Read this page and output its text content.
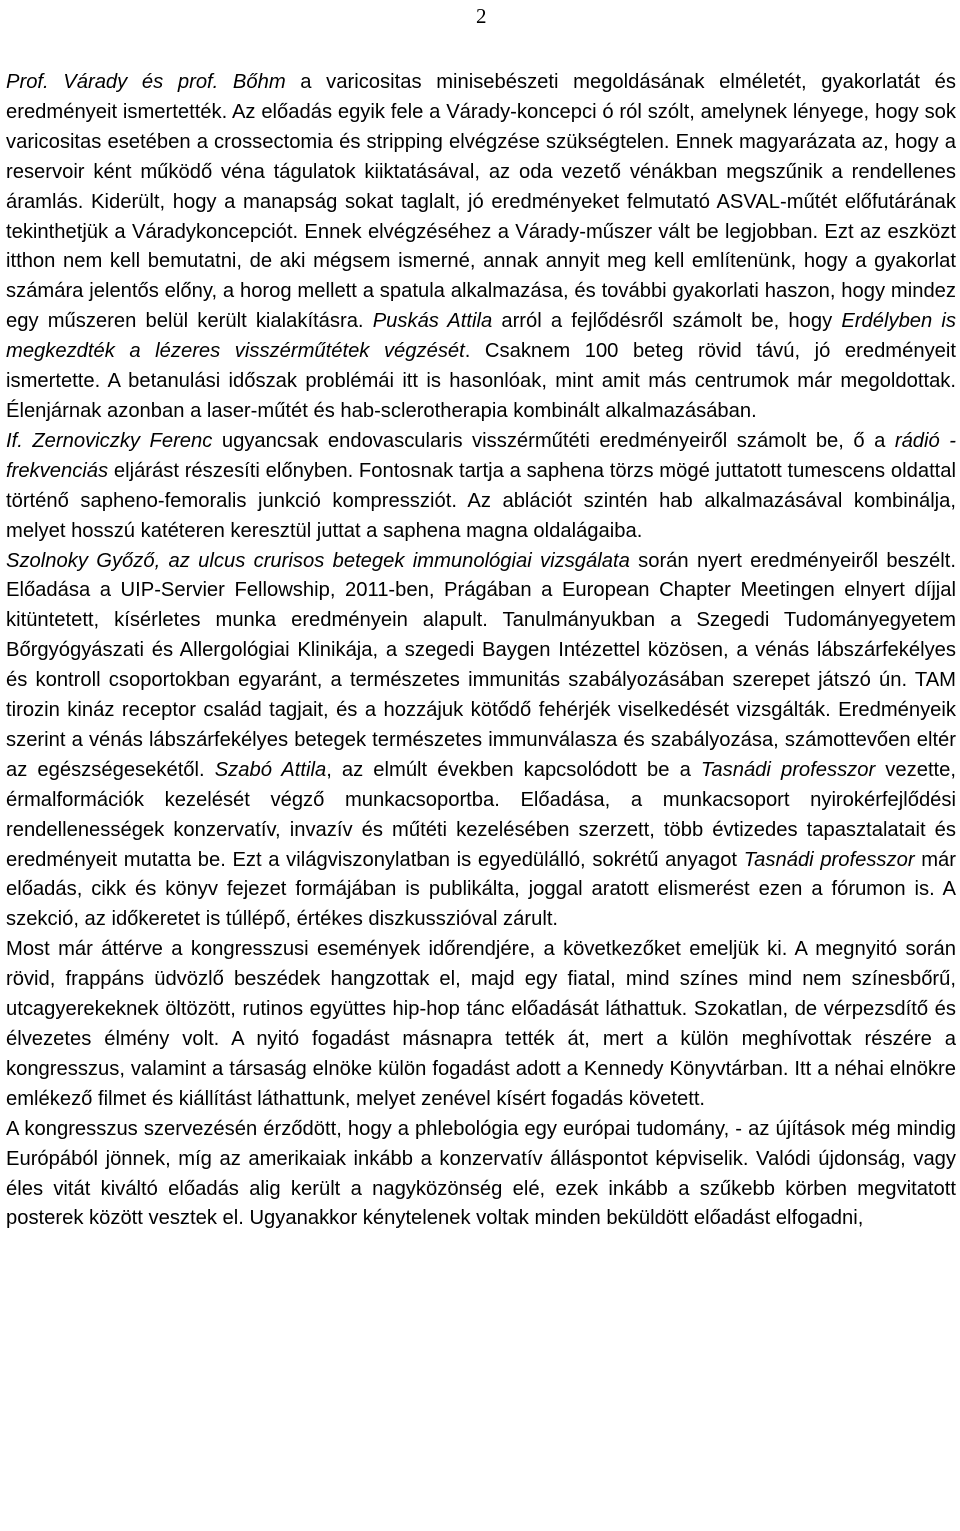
2

Prof. Várady és prof. Bőhm a varicositas minisebészeti megoldásának elméletét, gyakorlatát és eredményeit ismertették. Az előadás egyik fele a Várady-koncepci ó ról szólt, amelynek lényege, hogy sok varicositas esetében a crossectomia és stripping elvégzése szükségtelen. Ennek magyarázata az, hogy a reservoir ként működő véna tágulatok kiiktatásával, az oda vezető vénákban megszűnik a rendellenes áramlás. Kiderült, hogy a manapság sokat taglalt, jó eredményeket felmutató ASVAL-műtét előfutárának tekinthetjük a Váradykoncepciót. Ennek elvégzéséhez a Várady-műszer vált be legjobban. Ezt az eszközt itthon nem kell bemutatni, de aki mégsem ismerné, annak annyit meg kell említenünk, hogy a gyakorlat számára jelentős előny, a horog mellett a spatula alkalmazása, és további gyakorlati haszon, hogy mindez egy műszeren belül került kialakításra. Puskás Attila arról a fejlődésről számolt be, hogy Erdélyben is megkezdték a lézeres visszérműtétek végzését. Csaknem 100 beteg rövid távú, jó eredményeit ismertette. A betanulási időszak problémái itt is hasonlóak, mint amit más centrumok már megoldottak. Élenjárnak azonban a laser-műtét és hab-sclerotherapia kombinált alkalmazásában.

If. Zernoviczky Ferenc ugyancsak endovascularis visszérműtéti eredményeiről számolt be, ő a rádió -frekvenciás eljárást részesíti előnyben. Fontosnak tartja a saphena törzs mögé juttatott tumescens oldattal történő sapheno-femoralis junkció kompressziót. Az ablációt szintén hab alkalmazásával kombinálja, melyet hosszú katéteren keresztül juttat a saphena magna oldalágaiba.

Szolnoky Győző, az ulcus crurisos betegek immunológiai vizsgálata során nyert eredményeiről beszélt. Előadása a UIP-Servier Fellowship, 2011-ben, Prágában a European Chapter Meetingen elnyert díjjal kitüntetett, kísérletes munka eredményein alapult. Tanulmányukban a Szegedi Tudományegyetem Bőrgyógyászati és Allergológiai Klinikája, a szegedi Baygen Intézettel közösen, a vénás lábszárfekélyes és kontroll csoportokban egyaránt, a természetes immunitás szabályozásában szerepet játszó ún. TAM tirozin kináz receptor család tagjait, és a hozzájuk kötődő fehérjék viselkedését vizsgálták. Eredményeik szerint a vénás lábszárfekélyes betegek természetes immunválasza és szabályozása, számottevően eltér az egészségesekétől. Szabó Attila, az elmúlt években kapcsolódott be a Tasnádi professzor vezette, érmalformációk kezelését végző munkacsoportba. Előadása, a munkacsoport nyirokérfejlődési rendellenességek konzervatív, invazív és műtéti kezelésében szerzett, több évtizedes tapasztalatait és eredményeit mutatta be. Ezt a világviszonylatban is egyedülálló, sokrétű anyagot Tasnádi professzor már előadás, cikk és könyv fejezet formájában is publikálta, joggal aratott elismerést ezen a fórumon is. A szekció, az időkeretet is túllépő, értékes diszkusszióval zárult.

Most már áttérve a kongresszusi események időrendjére, a következőket emeljük ki. A megnyitó során rövid, frappáns üdvözlő beszédek hangzottak el, majd egy fiatal, mind színes mind nem színesbőrű, utcagyerekeknek öltözött, rutinos együttes hip-hop tánc előadását láthattuk. Szokatlan, de vérpezsdítő és élvezetes élmény volt. A nyitó fogadást másnapra tették át, mert a külön meghívottak részére a kongresszus, valamint a társaság elnöke külön fogadást adott a Kennedy Könyvtárban. Itt a néhai elnökre emlékező filmet és kiállítást láthattunk, melyet zenével kísért fogadás követett.

A kongresszus szervezésén érződött, hogy a phlebológia egy európai tudomány, - az újítások még mindig Európából jönnek, míg az amerikaiak inkább a konzervatív álláspontot képviselik. Valódi újdonság, vagy éles vitát kiváltó előadás alig került a nagyközönség elé, ezek inkább a szűkebb körben megvitatott posterek között vesztek el. Ugyanakkor kénytelenek voltak minden beküldött előadást elfogadni,
